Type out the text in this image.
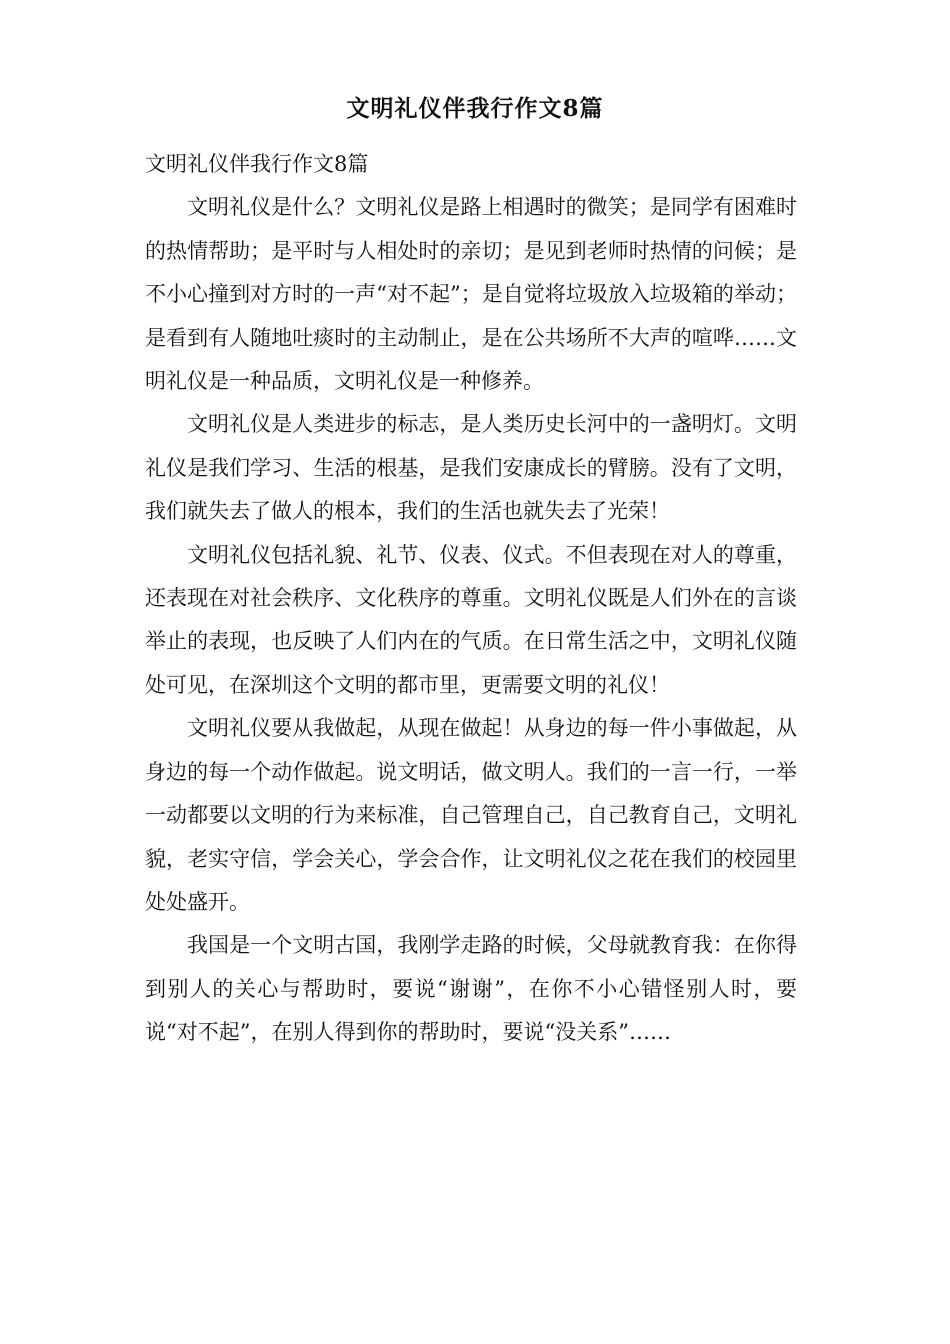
文明礼仪伴我行作文8篇

文明礼仪伴我行作文8篇

文明礼仪是什么？文明礼仪是路上相遇时的微笑；是同学有困难时的热情帮助；是平时与人相处时的亲切；是见到老师时热情的问候；是不小心撞到对方时的一声“对不起”；是自觉将垃圾放入垃圾箱的举动；是看到有人随地吐痰时的主动制止，是在公共场所不大声的喧哗……文明礼仪是一种品质，文明礼仪是一种修养。

文明礼仪是人类进步的标志，是人类历史长河中的一盏明灯。文明礼仪是我们学习、生活的根基，是我们安康成长的臂膀。没有了文明，我们就失去了做人的根本，我们的生活也就失去了光荣！

文明礼仪包括礼貌、礼节、仪表、仪式。不但表现在对人的尊重，还表现在对社会秩序、文化秩序的尊重。文明礼仪既是人们外在的言谈举止的表现，也反映了人们内在的气质。在日常生活之中，文明礼仪随处可见，在深圳这个文明的都市里，更需要文明的礼仪！

文明礼仪要从我做起，从现在做起！从身边的每一件小事做起，从身边的每一个动作做起。说文明话，做文明人。我们的一言一行，一举一动都要以文明的行为来标准，自己管理自己，自己教育自己，文明礼貌，老实守信，学会关心，学会合作，让文明礼仪之花在我们的校园里处处盛开。

我国是一个文明古国，我刚学走路的时候，父母就教育我：在你得到别人的关心与帮助时，要说“谢谢”，在你不小心错怪别人时，要说“对不起”，在别人得到你的帮助时，要说“没关系”……
